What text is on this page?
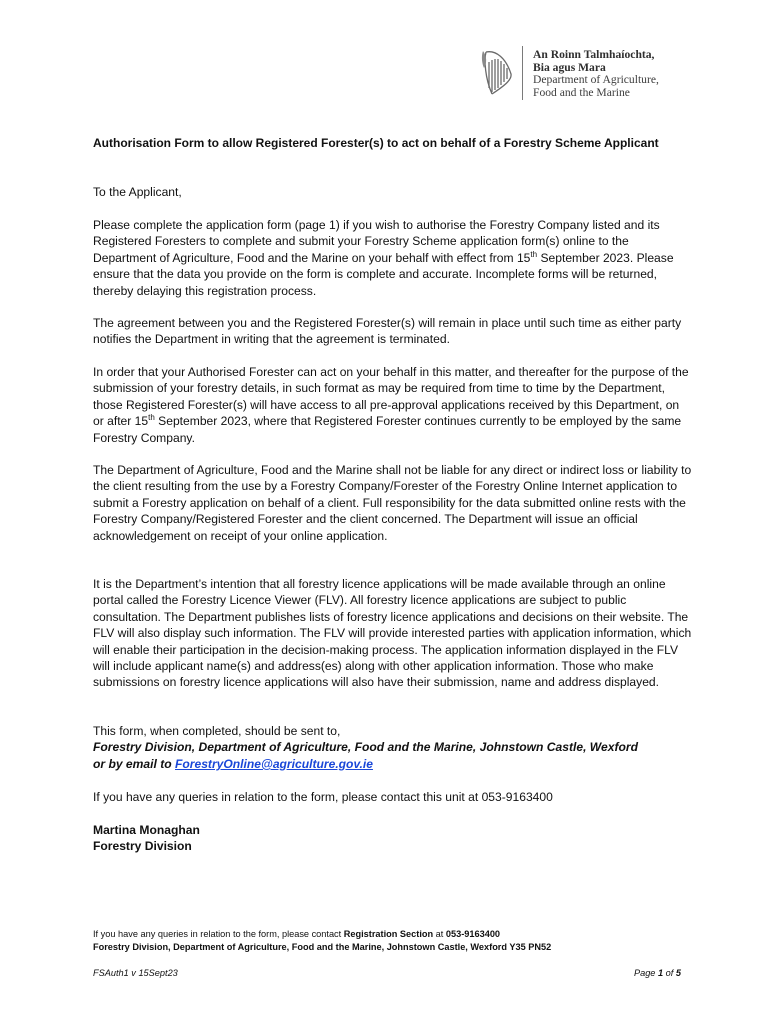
An Roinn Talmhaíochta,
Bia agus Mara
Department of Agriculture,
Food and the Marine
Authorisation Form to allow Registered Forester(s) to act on behalf of a Forestry Scheme Applicant
To the Applicant,
Please complete the application form (page 1) if you wish to authorise the Forestry Company listed and its Registered Foresters to complete and submit your Forestry Scheme application form(s) online to the Department of Agriculture, Food and the Marine on your behalf with effect from 15th September 2023. Please ensure that the data you provide on the form is complete and accurate. Incomplete forms will be returned, thereby delaying this registration process.
The agreement between you and the Registered Forester(s) will remain in place until such time as either party notifies the Department in writing that the agreement is terminated.
In order that your Authorised Forester can act on your behalf in this matter, and thereafter for the purpose of the submission of your forestry details, in such format as may be required from time to time by the Department, those Registered Forester(s) will have access to all pre-approval applications received by this Department, on or after 15th September 2023, where that Registered Forester continues currently to be employed by the same Forestry Company.
The Department of Agriculture, Food and the Marine shall not be liable for any direct or indirect loss or liability to the client resulting from the use by a Forestry Company/Forester of the Forestry Online Internet application to submit a Forestry application on behalf of a client. Full responsibility for the data submitted online rests with the Forestry Company/Registered Forester and the client concerned. The Department will issue an official acknowledgement on receipt of your online application.
It is the Department’s intention that all forestry licence applications will be made available through an online portal called the Forestry Licence Viewer (FLV). All forestry licence applications are subject to public consultation. The Department publishes lists of forestry licence applications and decisions on their website. The FLV will also display such information. The FLV will provide interested parties with application information, which will enable their participation in the decision-making process. The application information displayed in the FLV will include applicant name(s) and address(es) along with other application information. Those who make submissions on forestry licence applications will also have their submission, name and address displayed.

This form, when completed, should be sent to,

Forestry Division, Department of Agriculture, Food and the Marine, Johnstown Castle, Wexford

or by email to ForestryOnline@agriculture.gov.ie

If you have any queries in relation to the form, please contact this unit at 053-9163400

Martina Monaghan

Forestry Division

If you have any queries in relation to the form, please contact Registration Section at 053-9163400
Forestry Division, Department of Agriculture, Food and the Marine, Johnstown Castle, Wexford Y35 PN52
FSAuth1 v 15Sept23	Page 1 of 5
